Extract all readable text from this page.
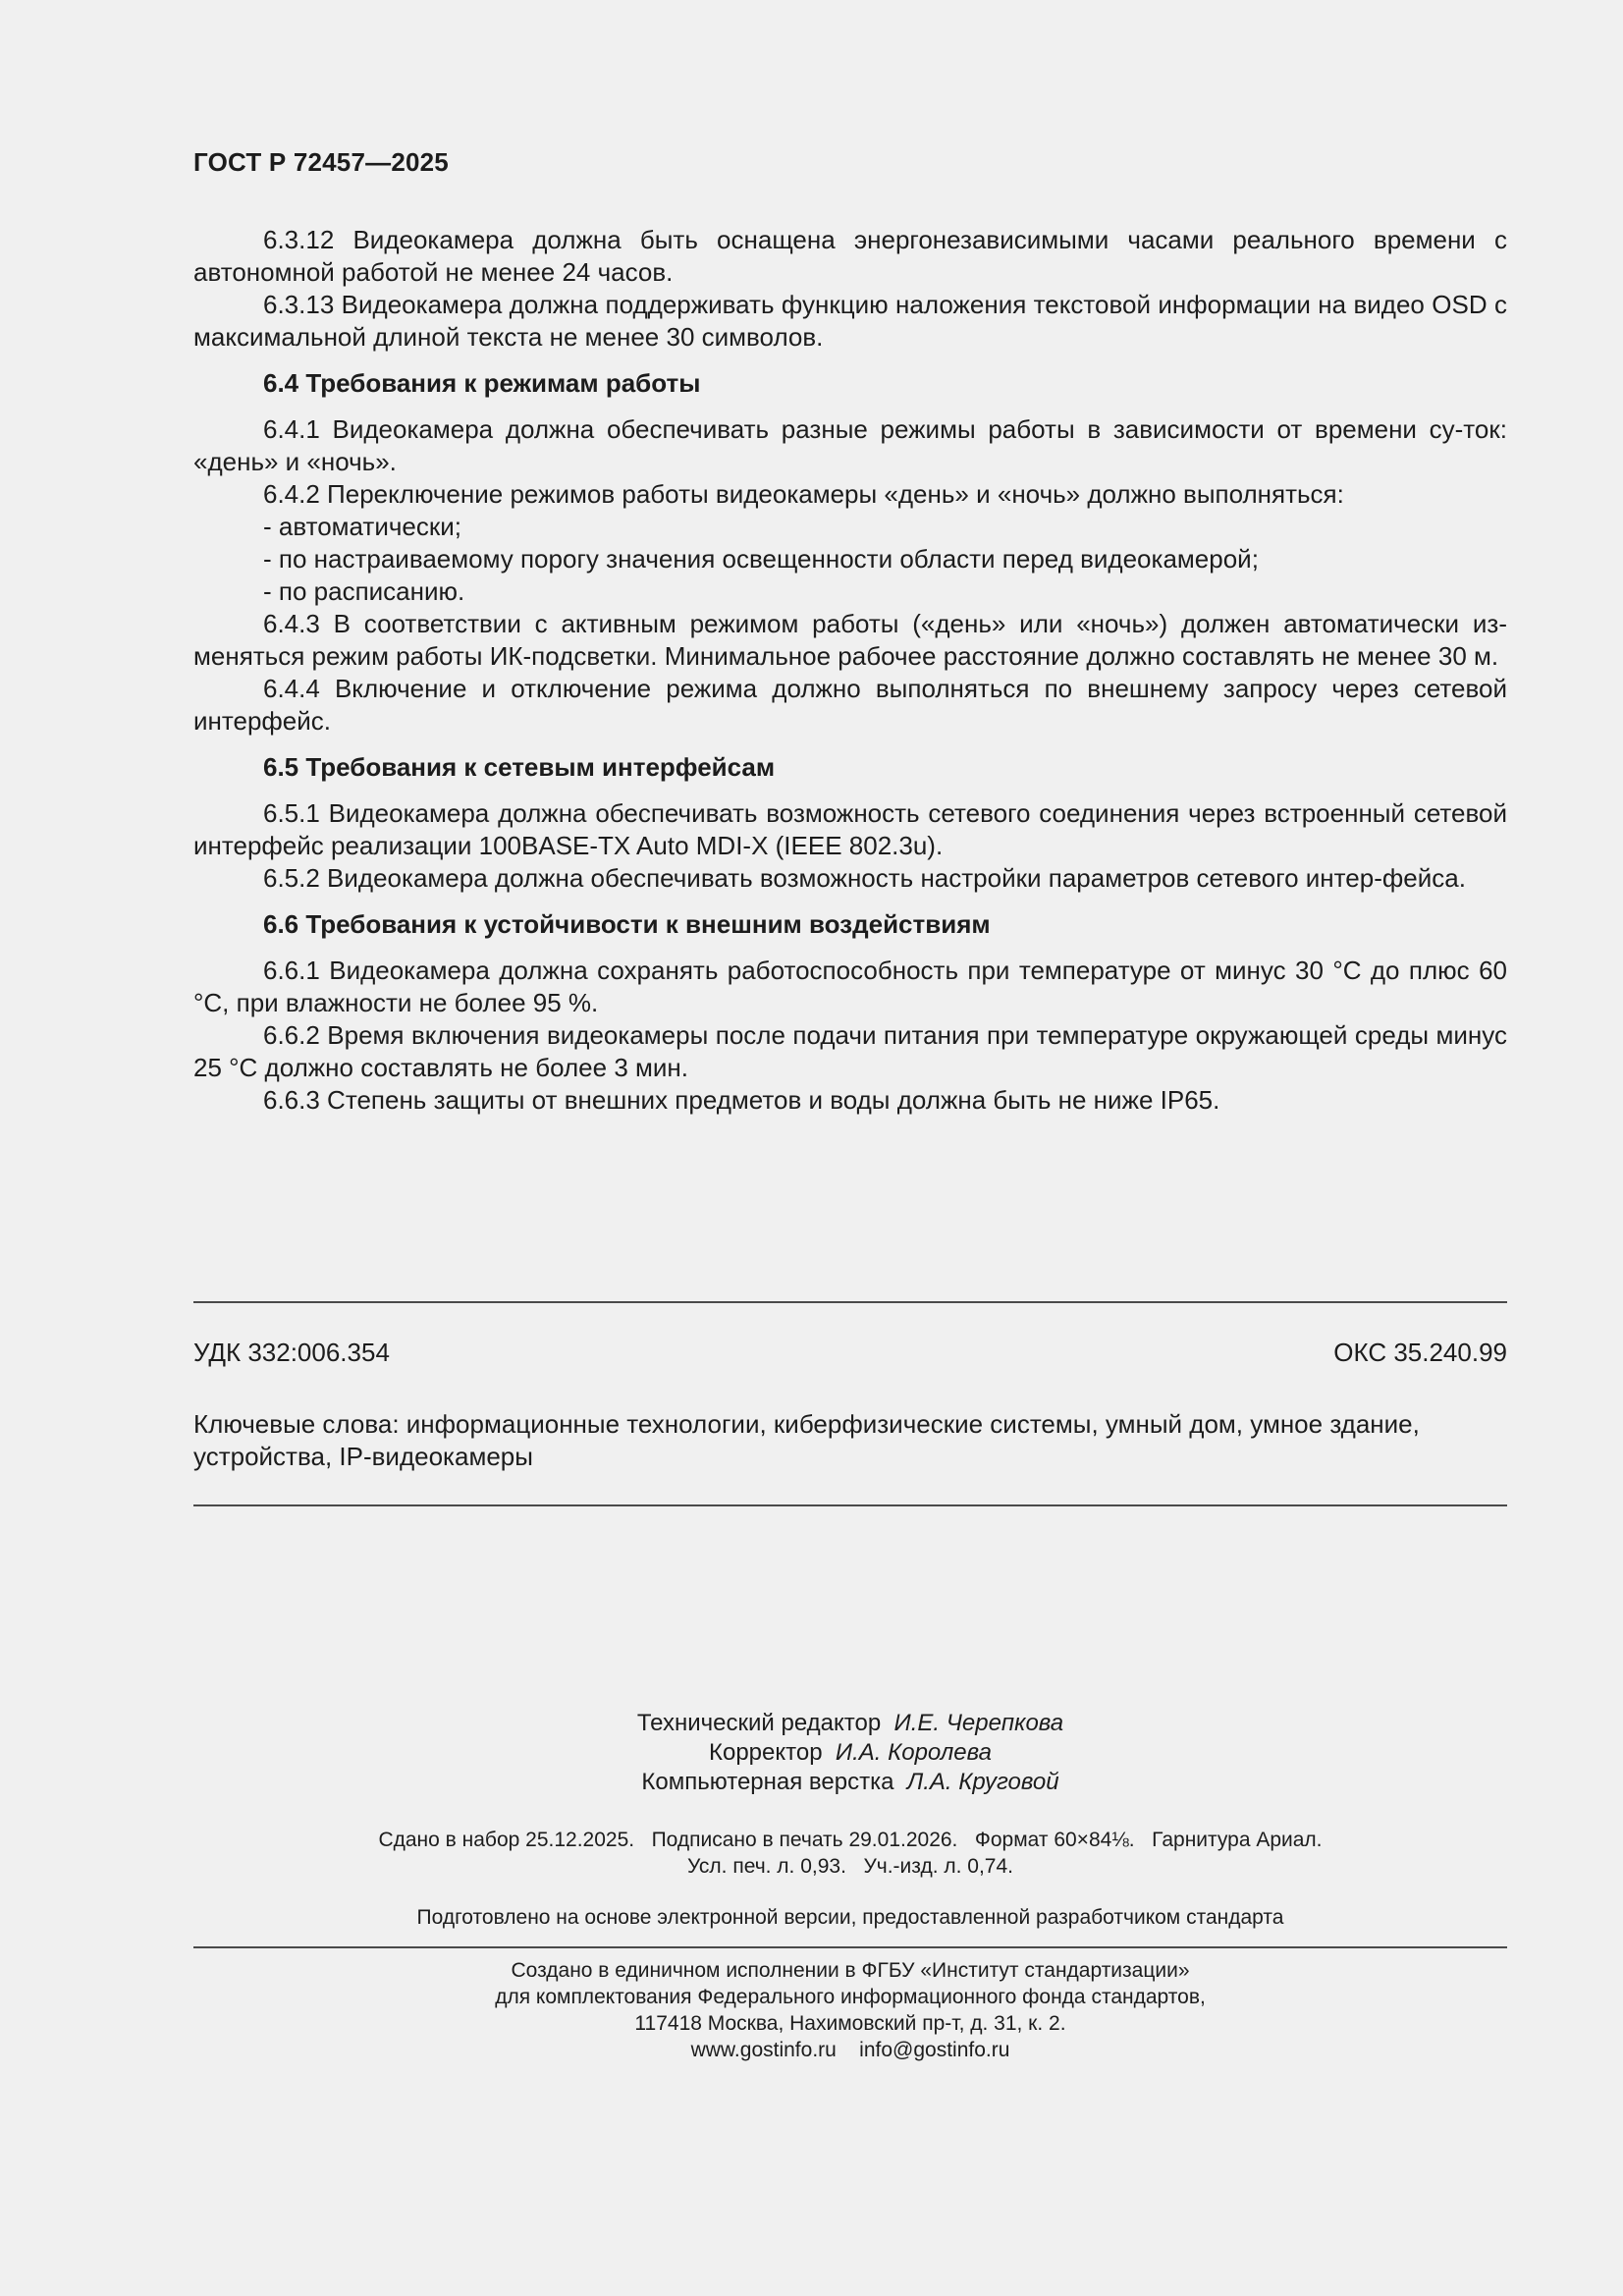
ГОСТ Р 72457—2025

6.3.12 Видеокамера должна быть оснащена энергонезависимыми часами реального времени с автономной работой не менее 24 часов.

6.3.13 Видеокамера должна поддерживать функцию наложения текстовой информации на видео OSD с максимальной длиной текста не менее 30 символов.

6.4 Требования к режимам работы

6.4.1 Видеокамера должна обеспечивать разные режимы работы в зависимости от времени су-ток: «день» и «ночь».

6.4.2 Переключение режимов работы видеокамеры «день» и «ночь» должно выполняться:

- автоматически;

- по настраиваемому порогу значения освещенности области перед видеокамерой;

- по расписанию.

6.4.3 В соответствии с активным режимом работы («день» или «ночь») должен автоматически из-меняться режим работы ИК-подсветки. Минимальное рабочее расстояние должно составлять не менее 30 м.

6.4.4 Включение и отключение режима должно выполняться по внешнему запросу через сетевой интерфейс.

6.5 Требования к сетевым интерфейсам

6.5.1 Видеокамера должна обеспечивать возможность сетевого соединения через встроенный сетевой интерфейс реализации 100BASE-TX Auto MDI-X (IEEE 802.3u).

6.5.2 Видеокамера должна обеспечивать возможность настройки параметров сетевого интер-фейса.

6.6 Требования к устойчивости к внешним воздействиям

6.6.1 Видеокамера должна сохранять работоспособность при температуре от минус 30 °С до плюс 60 °С, при влажности не более 95 %.

6.6.2 Время включения видеокамеры после подачи питания при температуре окружающей среды минус 25 °С должно составлять не более 3 мин.

6.6.3 Степень защиты от внешних предметов и воды должна быть не ниже IP65.

УДК 332:006.354	ОКС 35.240.99
Ключевые слова: информационные технологии, киберфизические системы, умный дом, умное здание, устройства, IP-видеокамеры
Технический редактор И.Е. Черепкова
Корректор И.А. Королева
Компьютерная верстка Л.А. Круговой
Сдано в набор 25.12.2025.   Подписано в печать 29.01.2026.   Формат 60×84⅛.   Гарнитура Ариал.
Усл. печ. л. 0,93.   Уч.-изд. л. 0,74.
Подготовлено на основе электронной версии, предоставленной разработчиком стандарта
Создано в единичном исполнении в ФГБУ «Институт стандартизации»
для комплектования Федерального информационного фонда стандартов,
117418 Москва, Нахимовский пр-т, д. 31, к. 2.
www.gostinfo.ru    info@gostinfo.ru
